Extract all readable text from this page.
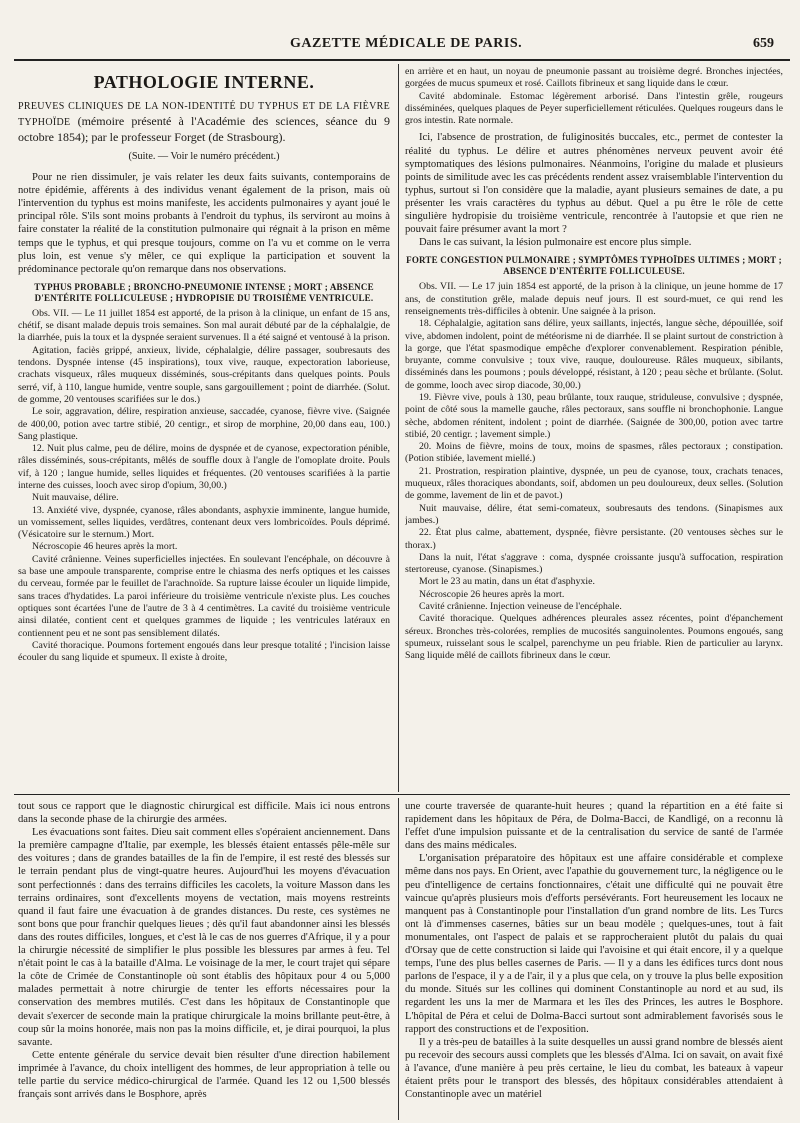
GAZETTE MÉDICALE DE PARIS.	659
PATHOLOGIE INTERNE.
PREUVES CLINIQUES DE LA NON-IDENTITÉ DU TYPHUS ET DE LA FIÈVRE TYPHOÏDE (mémoire présenté à l'Académie des sciences, séance du 9 octobre 1854); par le professeur Forget (de Strasbourg).
(Suite. — Voir le numéro précédent.)

Pour ne rien dissimuler, je vais relater les deux faits suivants, contemporains de notre épidémie, afférents à des individus venant également de la prison, mais où l'intervention du typhus est moins manifeste, les accidents pulmonaires y ayant joué le principal rôle. S'ils sont moins probants à l'endroit du typhus, ils serviront au moins à faire constater la réalité de la constitution pulmonaire qui régnait à la prison en même temps que le typhus, et qui presque toujours, comme on l'a vu et comme on le verra plus loin, est venue s'y mêler, ce qui explique la participation et souvent la prédominance pectorale qu'on remarque dans nos observations.

TYPHUS PROBABLE ; BRONCHO-PNEUMONIE INTENSE ; MORT ; ABSENCE D'ENTÉRITE FOLLICULEUSE ; HYDROPISIE DU TROISIÈME VENTRICULE.

Obs. VII. — Le 11 juillet 1854 est apporté, de la prison à la clinique, un enfant de 15 ans, chétif, se disant malade depuis trois semaines. Son mal aurait débuté par de la céphalalgie, de la diarrhée, puis la toux et la dyspnée seraient survenues. Il a été saigné et ventousé à la prison.

Agitation, faciès grippé, anxieux, livide, céphalalgie, délire passager, soubresauts des tendons. Dyspnée intense (45 inspirations), toux vive, rauque, expectoration laborieuse, crachats visqueux, râles muqueux disséminés, sous-crépitants dans quelques points. Pouls serré, vif, à 110, langue humide, ventre souple, sans gargouillement ; point de diarrhée. (Solut. de gomme, 20 ventouses scarifiées sur le dos.)

Le soir, aggravation, délire, respiration anxieuse, saccadée, cyanose, fièvre vive. (Saignée de 400,00, potion avec tartre stibié, 20 centigr., et sirop de morphine, 20,00 dans eau, 100.) Sang plastique.

12. Nuit plus calme, peu de délire, moins de dyspnée et de cyanose, expectoration pénible, râles disséminés, sous-crépitants, mêlés de souffle doux à l'angle de l'omoplate droite. Pouls vif, à 120 ; langue humide, selles liquides et fréquentes. (20 ventouses scarifiées à la partie interne des cuisses, looch avec sirop d'opium, 30,00.)

Nuit mauvaise, délire.

13. Anxiété vive, dyspnée, cyanose, râles abondants, asphyxie imminente, langue humide, un vomissement, selles liquides, verdâtres, contenant deux vers lombricoïdes. Pouls déprimé. (Vésicatoire sur le sternum.) Mort.

Nécroscopie 46 heures après la mort.

Cavité crânienne. Veines superficielles injectées. En soulevant l'encéphale, on découvre à sa base une ampoule transparente, comprise entre le chiasma des nerfs optiques et les caisses du cerveau, formée par le feuillet de l'arachnoïde. Sa rupture laisse écouler un liquide limpide, sans traces d'hydatides. La paroi inférieure du troisième ventricule n'existe plus. Les couches optiques sont écartées l'une de l'autre de 3 à 4 centimètres. La cavité du troisième ventricule ainsi dilatée, contient cent et quelques grammes de liquide ; les ventricules latéraux en contiennent peu et ne sont pas sensiblement dilatés.

Cavité thoracique. Poumons fortement engoués dans leur presque totalité ; l'incision laisse écouler du sang liquide et spumeux. Il existe à droite,

en arrière et en haut, un noyau de pneumonie passant au troisième degré. Bronches injectées, gorgées de mucus spumeux et rosé. Caillots fibrineux et sang liquide dans le cœur.

Cavité abdominale. Estomac légèrement arborisé. Dans l'intestin grêle, rougeurs disséminées, quelques plaques de Peyer superficiellement réticulées. Quelques rougeurs dans le gros intestin. Rate normale.

Ici, l'absence de prostration, de fuliginosités buccales, etc., permet de contester la réalité du typhus. Le délire et autres phénomènes nerveux peuvent avoir été symptomatiques des lésions pulmonaires. Néanmoins, l'origine du malade et plusieurs points de similitude avec les cas précédents rendent assez vraisemblable l'intervention du typhus, surtout si l'on considère que la maladie, ayant plusieurs semaines de date, a pu présenter les vrais caractères du typhus au début. Quel a pu être le rôle de cette singulière hydropisie du troisième ventricule, rencontrée à l'autopsie et que rien ne pouvait faire présumer avant la mort ?

Dans le cas suivant, la lésion pulmonaire est encore plus simple.

FORTE CONGESTION PULMONAIRE ; SYMPTÔMES TYPHOÏDES ULTIMES ; MORT ; ABSENCE D'ENTÉRITE FOLLICULEUSE.

Obs. VII. — Le 17 juin 1854 est apporté, de la prison à la clinique, un jeune homme de 17 ans, de constitution grêle, malade depuis neuf jours. Il est sourd-muet, ce qui rend les renseignements très-difficiles à obtenir. Une saignée à la prison.

18. Céphalalgie, agitation sans délire, yeux saillants, injectés, langue sèche, dépouillée, soif vive, abdomen indolent, point de météorisme ni de diarrhée. Il se plaint surtout de constriction à la gorge, que l'état spasmodique empêche d'explorer convenablement. Respiration pénible, bruyante, comme convulsive ; toux vive, rauque, douloureuse. Râles muqueux, sibilants, disséminés dans les poumons ; pouls développé, résistant, à 120 ; peau sèche et brûlante. (Solut. de gomme, looch avec sirop diacode, 30,00.)

19. Fièvre vive, pouls à 130, peau brûlante, toux rauque, striduleuse, convulsive ; dyspnée, point de côté sous la mamelle gauche, râles pectoraux, sans souffle ni bronchophonie. Langue sèche, abdomen rénitent, indolent ; point de diarrhée. (Saignée de 300,00, potion avec tartre stibié, 20 centigr. ; lavement simple.)

20. Moins de fièvre, moins de toux, moins de spasmes, râles pectoraux ; constipation. (Potion stibiée, lavement miellé.)

21. Prostration, respiration plaintive, dyspnée, un peu de cyanose, toux, crachats tenaces, muqueux, râles thoraciques abondants, soif, abdomen un peu douloureux, deux selles. (Solution de gomme, lavement de lin et de pavot.)

Nuit mauvaise, délire, état semi-comateux, soubresauts des tendons. (Sinapismes aux jambes.)

22. État plus calme, abattement, dyspnée, fièvre persistante. (20 ventouses sèches sur le thorax.)

Dans la nuit, l'état s'aggrave : coma, dyspnée croissante jusqu'à suffocation, respiration stertoreuse, cyanose. (Sinapismes.)

Mort le 23 au matin, dans un état d'asphyxie.

Nécroscopie 26 heures après la mort.

Cavité crânienne. Injection veineuse de l'encéphale.

Cavité thoracique. Quelques adhérences pleurales assez récentes, point d'épanchement séreux. Bronches très-colorées, remplies de mucosités sanguinolentes. Poumons engoués, sang spumeux, ruisselant sous le scalpel, parenchyme un peu friable. Rien de particulier au larynx. Sang liquide mêlé de caillots fibrineux dans le cœur.

tout sous ce rapport que le diagnostic chirurgical est difficile. Mais ici nous entrons dans la seconde phase de la chirurgie des armées.

Les évacuations sont faites. Dieu sait comment elles s'opéraient anciennement. Dans la première campagne d'Italie, par exemple, les blessés étaient entassés pêle-mêle sur des voitures ; dans de grandes batailles de la fin de l'empire, il est resté des blessés sur le terrain pendant plus de vingt-quatre heures. Aujourd'hui les moyens d'évacuation sont perfectionnés : dans des terrains difficiles les cacolets, la voiture Masson dans les terrains ordinaires, sont d'excellents moyens de vectation, mais moyens restreints quand il faut faire une évacuation à de grandes distances. Du reste, ces systèmes ne sont bons que pour franchir quelques lieues ; dès qu'il faut abandonner ainsi les blessés dans des routes difficiles, longues, et c'est là le cas de nos guerres d'Afrique, il y a pour la chirurgie nécessité de simplifier le plus possible les blessures par armes à feu. Tel n'était point le cas à la bataille d'Alma. Le voisinage de la mer, le court trajet qui sépare la côte de Crimée de Constantinople où sont établis des hôpitaux pour 4 ou 5,000 malades permettait à notre chirurgie de tenter les efforts nécessaires pour la conservation des membres mutilés. C'est dans les hôpitaux de Constantinople que devait s'exercer de seconde main la pratique chirurgicale la moins brillante peut-être, à coup sûr la moins honorée, mais non pas la moins difficile, et, je dirai pourquoi, la plus savante.

Cette entente générale du service devait bien résulter d'une direction habilement imprimée à l'avance, du choix intelligent des hommes, de leur appropriation à telle ou telle partie du service médico-chirurgical de l'armée. Quand les 12 ou 1,500 blessés français sont arrivés dans le Bosphore, après

une courte traversée de quarante-huit heures ; quand la répartition en a été faite si rapidement dans les hôpitaux de Péra, de Dolma-Bacci, de Kandligé, on a reconnu là l'effet d'une impulsion puissante et de la centralisation du service de santé de l'armée dans des mains médicales.

L'organisation préparatoire des hôpitaux est une affaire considérable et complexe même dans nos pays. En Orient, avec l'apathie du gouvernement turc, la négligence ou le peu d'intelligence de certains fonctionnaires, c'était une difficulté qui ne pouvait être vaincue qu'après plusieurs mois d'efforts persévérants. Fort heureusement les locaux ne manquent pas à Constantinople pour l'installation d'un grand nombre de lits. Les Turcs ont là d'immenses casernes, bâties sur un beau modèle ; quelques-unes, tout à fait monumentales, ont l'aspect de palais et se rapprocheraient plutôt du palais du quai d'Orsay que de cette construction si laide qui l'avoisine et qui était encore, il y a quelque temps, l'une des plus belles casernes de Paris. — Il y a dans les édifices turcs dont nous parlons de l'espace, il y a de l'air, il y a plus que cela, on y trouve la plus belle exposition du monde. Situés sur les collines qui dominent Constantinople au nord et au sud, ils regardent les uns la mer de Marmara et les îles des Princes, les autres le Bosphore. L'hôpital de Péra et celui de Dolma-Bacci surtout sont admirablement favorisés sous le rapport des constructions et de l'exposition.

Il y a très-peu de batailles à la suite desquelles un aussi grand nombre de blessés aient pu recevoir des secours aussi complets que les blessés d'Alma. Ici on savait, on avait fixé à l'avance, d'une manière à peu près certaine, le lieu du combat, les bateaux à vapeur étaient prêts pour le transport des blessés, des hôpitaux considérables attendaient à Constantinople avec un matériel
